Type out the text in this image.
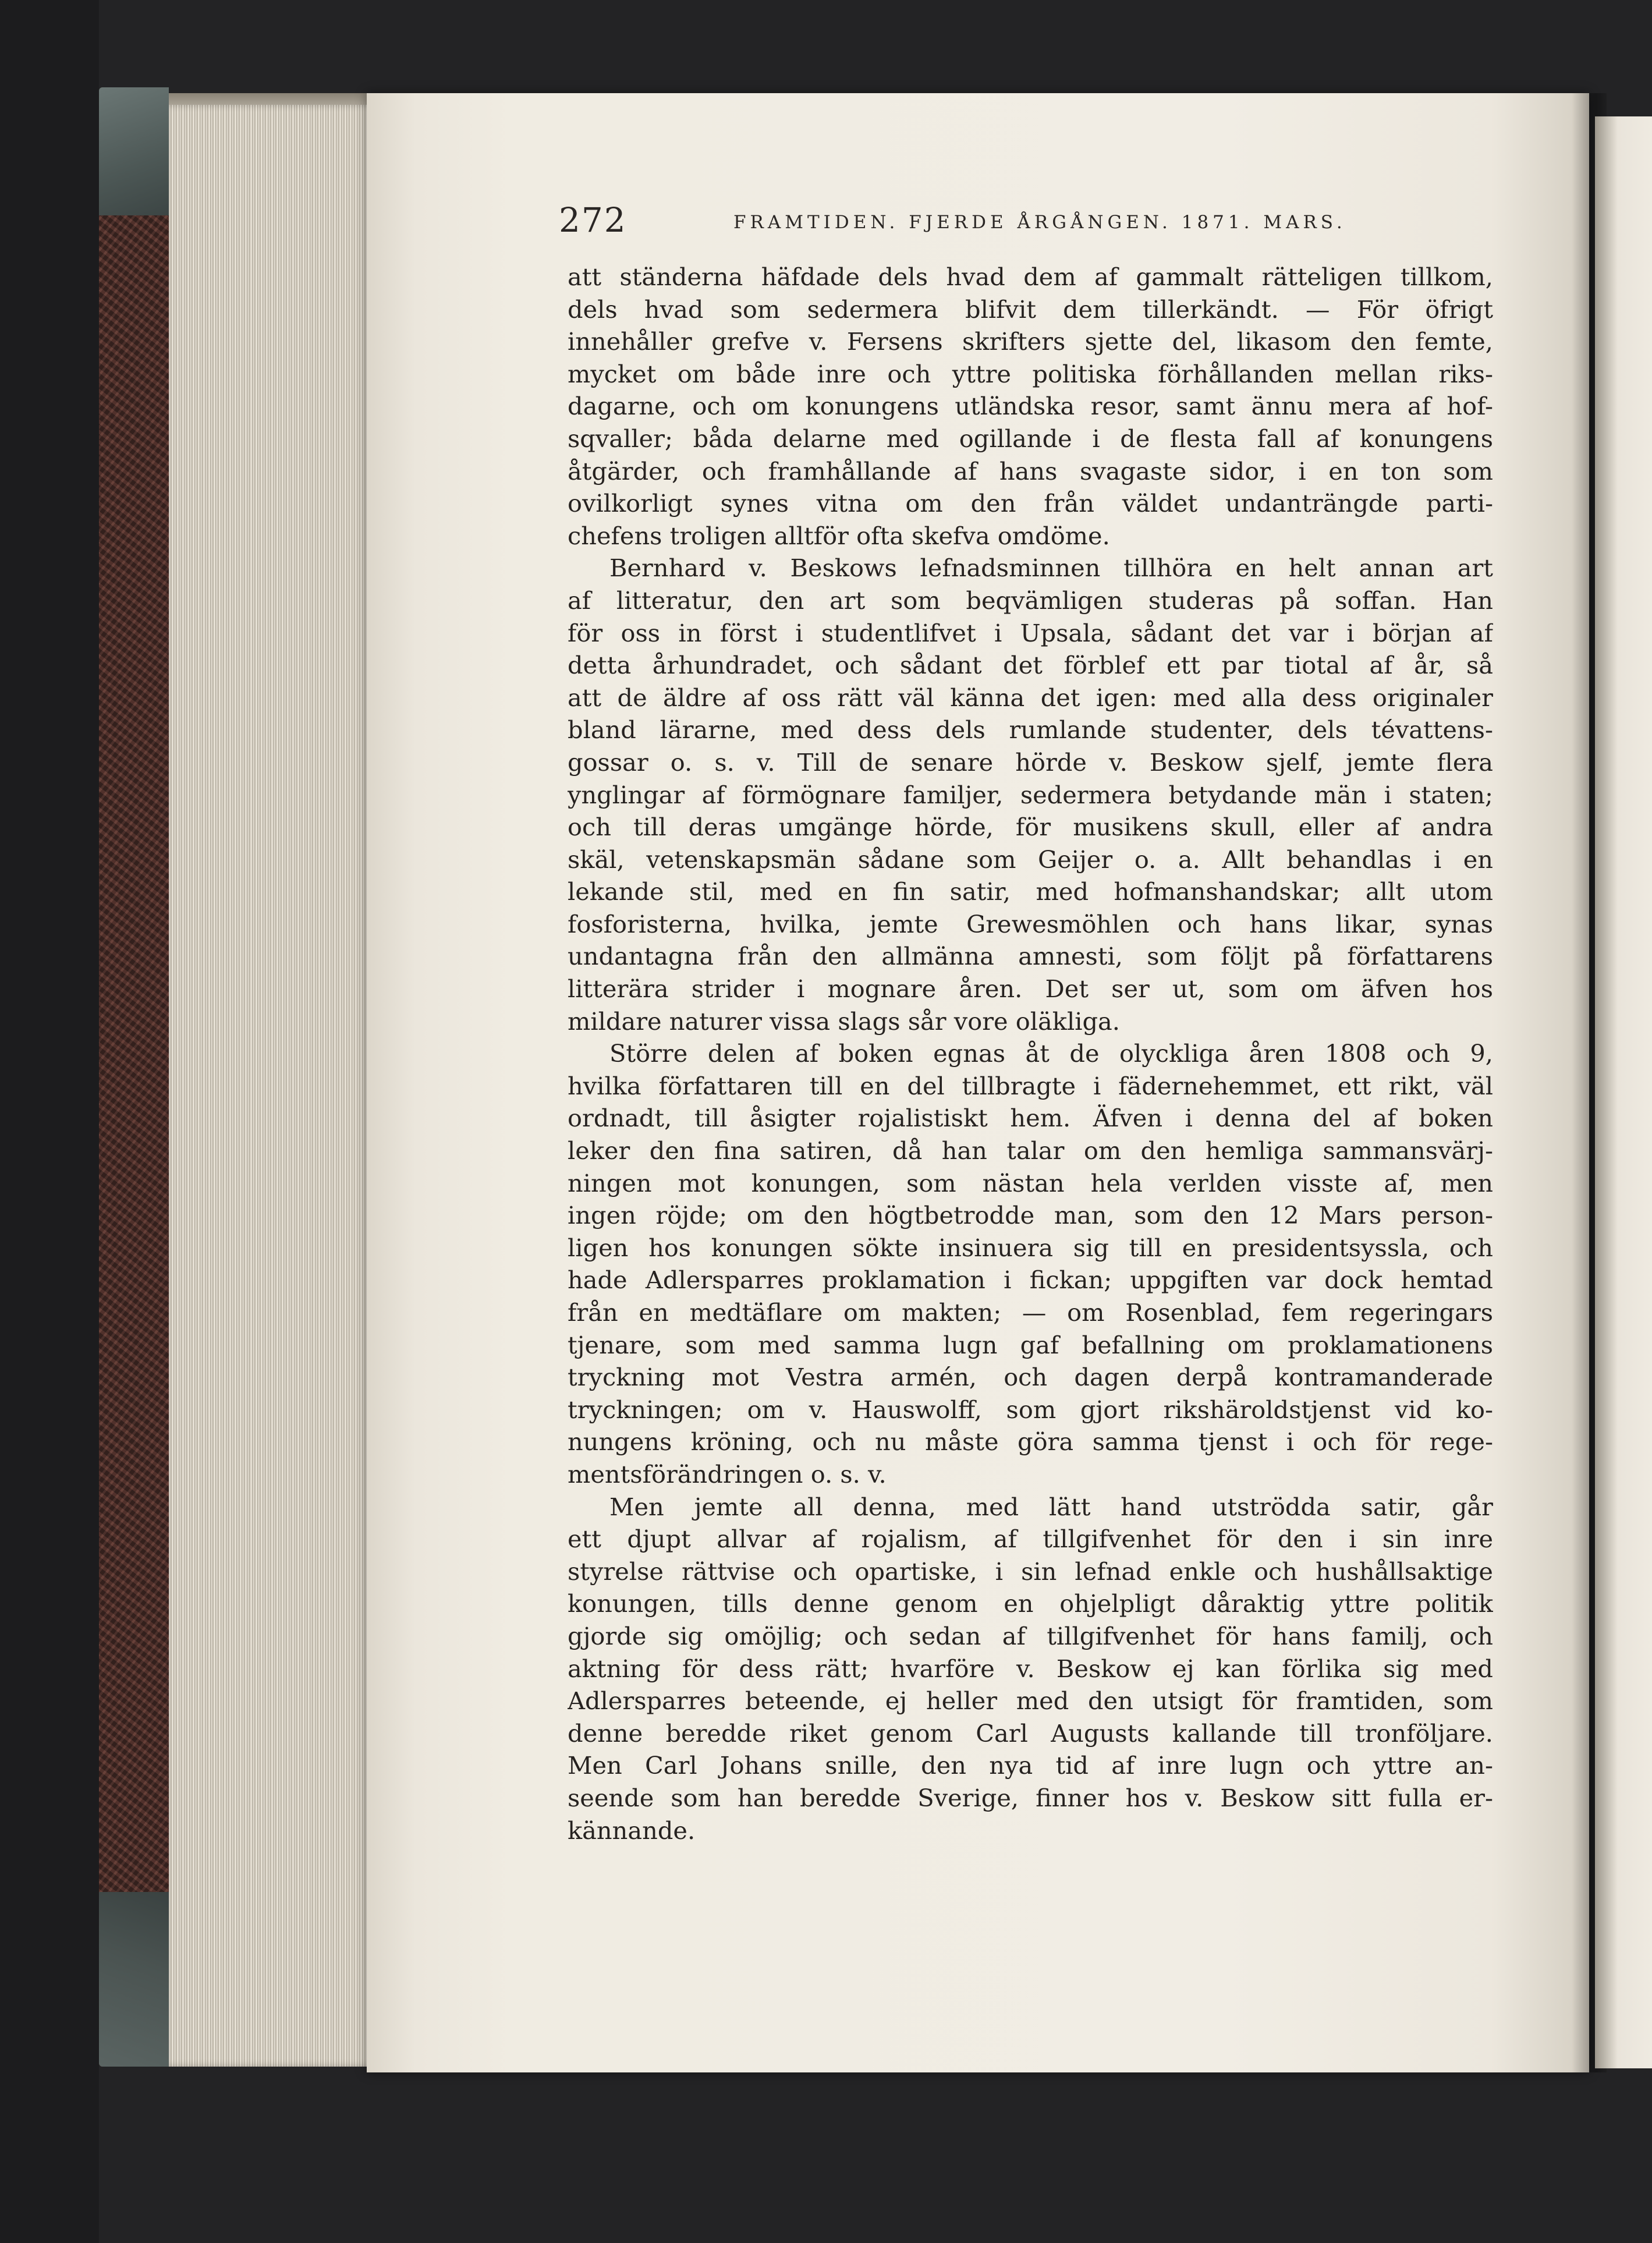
272	FRAMTIDEN. FJERDE ÅRGÅNGEN. 1871. MARS.
att ständerna häfdade dels hvad dem af gammalt rätteligen tillkom,
dels hvad som sedermera blifvit dem tillerkändt. — För öfrigt
innehåller grefve v. Fersens skrifters sjette del, likasom den femte,
mycket om både inre och yttre politiska förhållanden mellan riks-
dagarne, och om konungens utländska resor, samt ännu mera af hof-
sqvaller; båda delarne med ogillande i de flesta fall af konungens
åtgärder, och framhållande af hans svagaste sidor, i en ton som
ovilkorligt synes vitna om den från väldet undanträngde parti-
chefens troligen alltför ofta skefva omdöme.
Bernhard v. Beskows lefnadsminnen tillhöra en helt annan art
af litteratur, den art som beqvämligen studeras på soffan. Han
för oss in först i studentlifvet i Upsala, sådant det var i början af
detta århundradet, och sådant det förblef ett par tiotal af år, så
att de äldre af oss rätt väl känna det igen: med alla dess originaler
bland lärarne, med dess dels rumlande studenter, dels tévattens-
gossar o. s. v. Till de senare hörde v. Beskow sjelf, jemte flera
ynglingar af förmögnare familjer, sedermera betydande män i staten;
och till deras umgänge hörde, för musikens skull, eller af andra
skäl, vetenskapsmän sådane som Geijer o. a. Allt behandlas i en
lekande stil, med en fin satir, med hofmanshandskar; allt utom
fosforisterna, hvilka, jemte Grewesmöhlen och hans likar, synas
undantagna från den allmänna amnesti, som följt på författarens
litterära strider i mognare åren. Det ser ut, som om äfven hos
mildare naturer vissa slags sår vore oläkliga.
Större delen af boken egnas åt de olyckliga åren 1808 och 9,
hvilka författaren till en del tillbragte i fädernehemmet, ett rikt, väl
ordnadt, till åsigter rojalistiskt hem. Äfven i denna del af boken
leker den fina satiren, då han talar om den hemliga sammansvärj-
ningen mot konungen, som nästan hela verlden visste af, men
ingen röjde; om den högtbetrodde man, som den 12 Mars person-
ligen hos konungen sökte insinuera sig till en presidentsyssla, och
hade Adlersparres proklamation i fickan; uppgiften var dock hemtad
från en medtäflare om makten; — om Rosenblad, fem regeringars
tjenare, som med samma lugn gaf befallning om proklamationens
tryckning mot Vestra armén, och dagen derpå kontramanderade
tryckningen; om v. Hauswolff, som gjort rikshäroldstjenst vid ko-
nungens kröning, och nu måste göra samma tjenst i och för rege-
mentsförändringen o. s. v.
Men jemte all denna, med lätt hand utströdda satir, går
ett djupt allvar af rojalism, af tillgifvenhet för den i sin inre
styrelse rättvise och opartiske, i sin lefnad enkle och hushållsaktige
konungen, tills denne genom en ohjelpligt dåraktig yttre politik
gjorde sig omöjlig; och sedan af tillgifvenhet för hans familj, och
aktning för dess rätt; hvarföre v. Beskow ej kan förlika sig med
Adlersparres beteende, ej heller med den utsigt för framtiden, som
denne beredde riket genom Carl Augusts kallande till tronföljare.
Men Carl Johans snille, den nya tid af inre lugn och yttre an-
seende som han beredde Sverige, finner hos v. Beskow sitt fulla er-
kännande.
